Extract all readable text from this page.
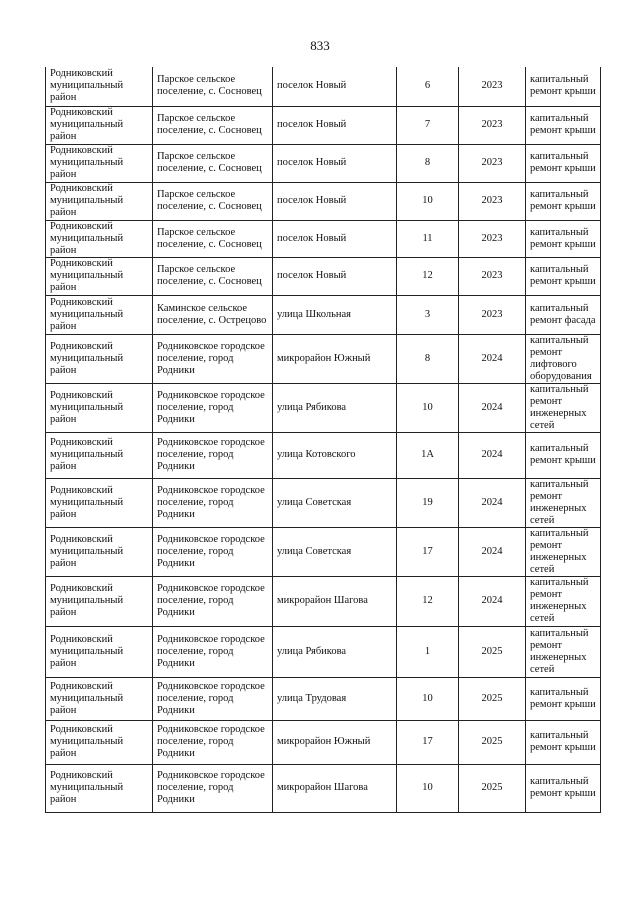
833
Родниковский муниципальный район	Парское сельское поселение, с. Сосновец	поселок Новый	6	2023	капитальный ремонт крыши
Родниковский муниципальный район	Парское сельское поселение, с. Сосновец	поселок Новый	7	2023	капитальный ремонт крыши
Родниковский муниципальный район	Парское сельское поселение, с. Сосновец	поселок Новый	8	2023	капитальный ремонт крыши
Родниковский муниципальный район	Парское сельское поселение, с. Сосновец	поселок Новый	10	2023	капитальный ремонт крыши
Родниковский муниципальный район	Парское сельское поселение, с. Сосновец	поселок Новый	11	2023	капитальный ремонт крыши
Родниковский муниципальный район	Парское сельское поселение, с. Сосновец	поселок Новый	12	2023	капитальный ремонт крыши
Родниковский муниципальный район	Каминское сельское поселение, с. Острецово	улица Школьная	3	2023	капитальный ремонт фасада
Родниковский муниципальный район	Родниковское городское поселение, город Родники	микрорайон Южный	8	2024	капитальный ремонт лифтового оборудования
Родниковский муниципальный район	Родниковское городское поселение, город Родники	улица Рябикова	10	2024	капитальный ремонт инженерных сетей
Родниковский муниципальный район	Родниковское городское поселение, город Родники	улица Котовского	1А	2024	капитальный ремонт крыши
Родниковский муниципальный район	Родниковское городское поселение, город Родники	улица Советская	19	2024	капитальный ремонт инженерных сетей
Родниковский муниципальный район	Родниковское городское поселение, город Родники	улица Советская	17	2024	капитальный ремонт инженерных сетей
Родниковский муниципальный район	Родниковское городское поселение, город Родники	микрорайон Шагова	12	2024	капитальный ремонт инженерных сетей
Родниковский муниципальный район	Родниковское городское поселение, город Родники	улица Рябикова	1	2025	капитальный ремонт инженерных сетей
Родниковский муниципальный район	Родниковское городское поселение, город Родники	улица Трудовая	10	2025	капитальный ремонт крыши
Родниковский муниципальный район	Родниковское городское поселение, город Родники	микрорайон Южный	17	2025	капитальный ремонт крыши
Родниковский муниципальный район	Родниковское городское поселение, город Родники	микрорайон Шагова	10	2025	капитальный ремонт крыши
